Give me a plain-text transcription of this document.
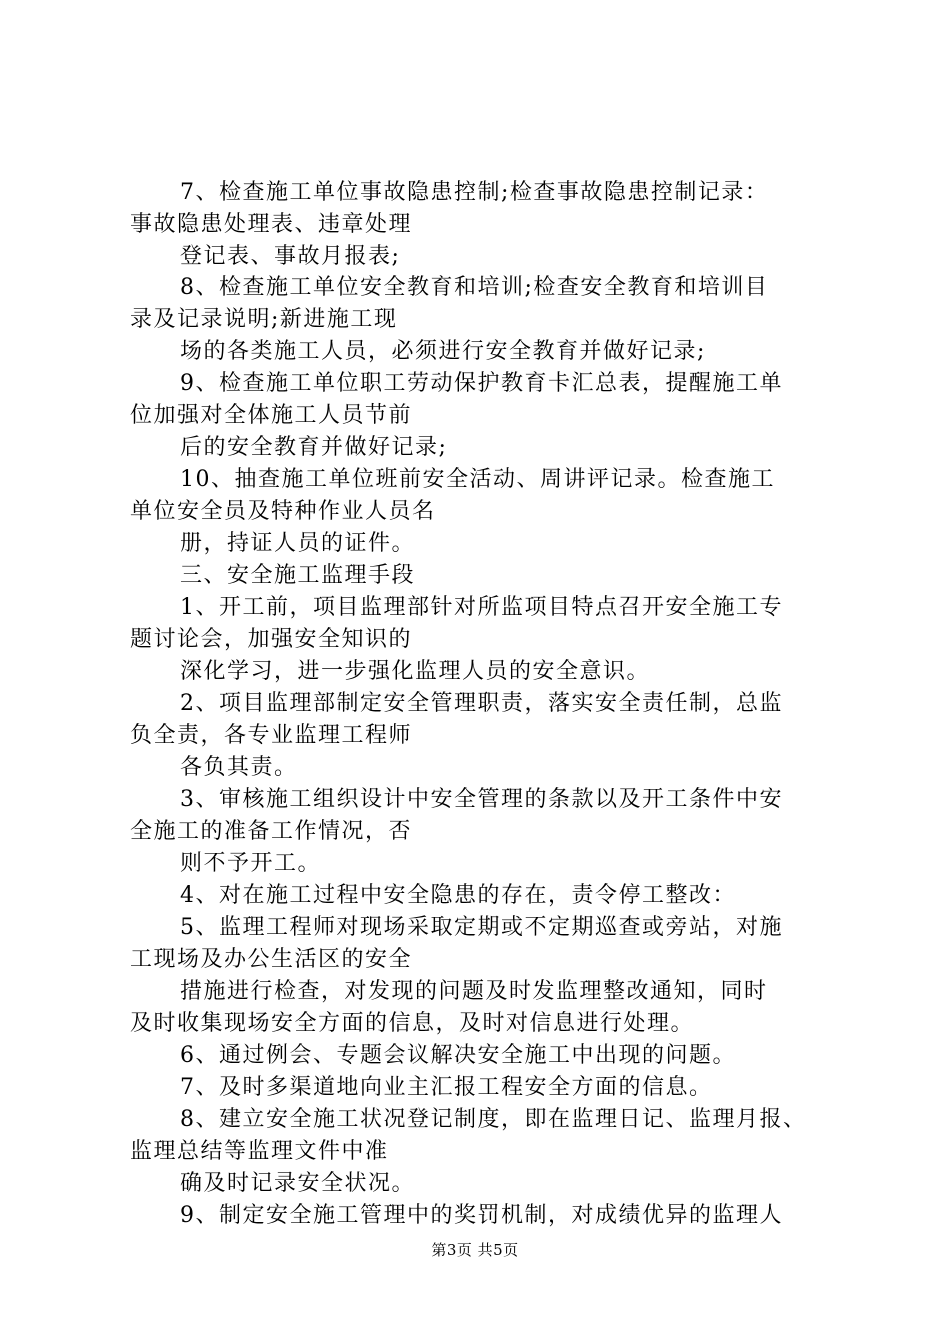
7、检查施工单位事故隐患控制;检查事故隐患控制记录：
事故隐患处理表、违章处理
登记表、事故月报表;
8、检查施工单位安全教育和培训;检查安全教育和培训目
录及记录说明;新进施工现
场的各类施工人员，必须进行安全教育并做好记录;
9、检查施工单位职工劳动保护教育卡汇总表，提醒施工单
位加强对全体施工人员节前
后的安全教育并做好记录;
10、抽查施工单位班前安全活动、周讲评记录。检查施工
单位安全员及特种作业人员名
册，持证人员的证件。
三、安全施工监理手段
1、开工前，项目监理部针对所监项目特点召开安全施工专
题讨论会，加强安全知识的
深化学习，进一步强化监理人员的安全意识。
2、项目监理部制定安全管理职责，落实安全责任制，总监
负全责，各专业监理工程师
各负其责。
3、审核施工组织设计中安全管理的条款以及开工条件中安
全施工的准备工作情况，否
则不予开工。
4、对在施工过程中安全隐患的存在，责令停工整改：
5、监理工程师对现场采取定期或不定期巡查或旁站，对施
工现场及办公生活区的安全
措施进行检查，对发现的问题及时发监理整改通知，同时
及时收集现场安全方面的信息，及时对信息进行处理。
6、通过例会、专题会议解决安全施工中出现的问题。
7、及时多渠道地向业主汇报工程安全方面的信息。
8、建立安全施工状况登记制度，即在监理日记、监理月报、
监理总结等监理文件中准
确及时记录安全状况。
9、制定安全施工管理中的奖罚机制，对成绩优异的监理人
第3页 共5页
